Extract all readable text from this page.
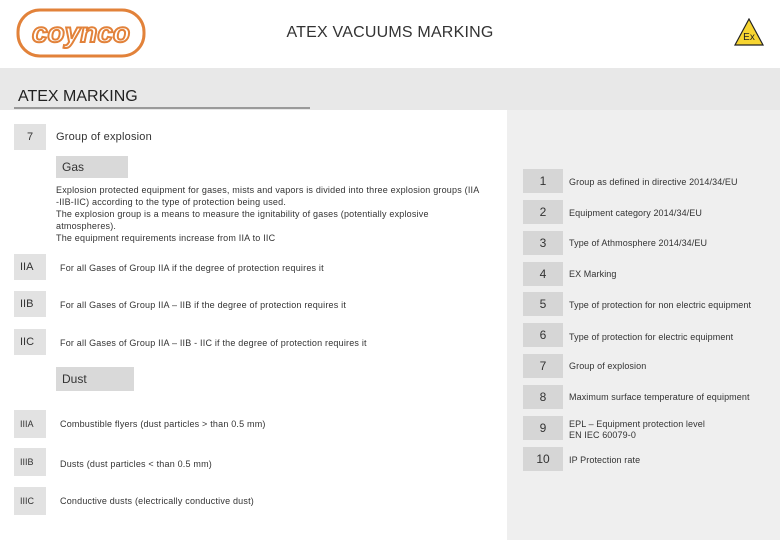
coynco	ATEX VACUUMS MARKING	Ex
ATEX MARKING
7	Group of explosion
Gas
Explosion protected equipment for gases, mists and vapors is divided into three explosion groups (IIA
-IIB-IIC) according to the type of protection being used.
The explosion group is a means to measure the ignitability of gases (potentially explosive
atmospheres).
The equipment requirements increase from IIA to IIC
IIA	For all Gases of Group IIA if the degree of protection requires it
IIB	For all Gases of Group IIA – IIB if the degree of protection requires it
IIC	For all Gases of Group IIA – IIB - IIC if the degree of protection requires it
Dust
IIIA	Combustible flyers (dust particles > than 0.5 mm)
IIIB	Dusts (dust particles < than 0.5 mm)
IIIC	Conductive dusts (electrically conductive dust)
1	Group as defined in directive 2014/34/EU
2	Equipment category 2014/34/EU
3	Type of Athmosphere 2014/34/EU
4	EX Marking
5	Type of protection for non electric equipment
6	Type of protection for electric equipment
7	Group of explosion
8	Maximum surface temperature of equipment
9	EPL – Equipment protection level
EN IEC 60079-0
10	IP Protection rate
